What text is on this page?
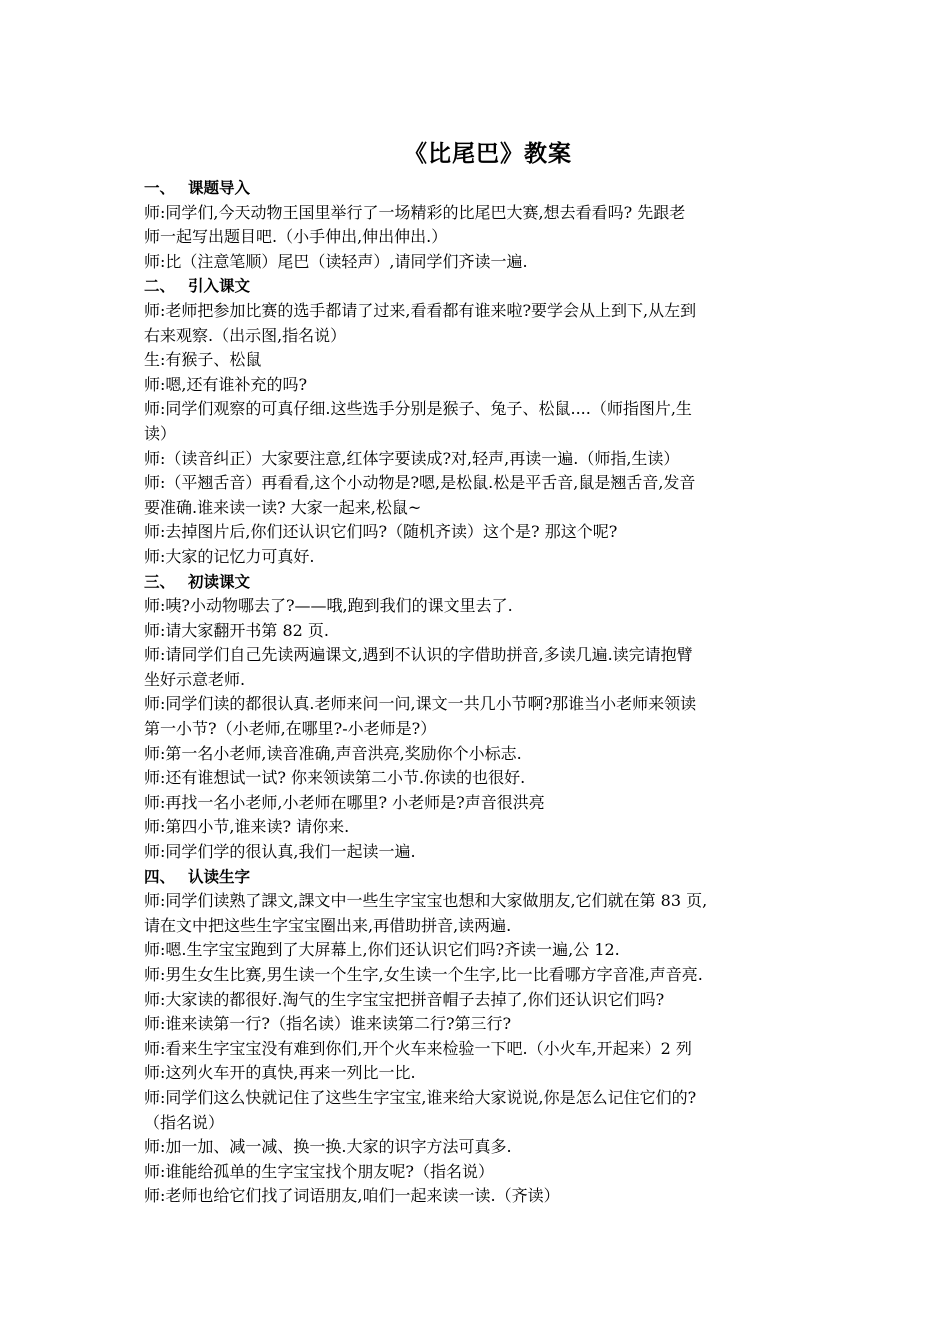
《比尾巴》教案
一、 课题导入
师:同学们,今天动物王国里举行了一场精彩的比尾巴大赛,想去看看吗? 先跟老
师一起写出题目吧.（小手伸出,伸出伸出.）
师:比（注意笔顺）尾巴（读轻声）,请同学们齐读一遍.
二、 引入课文
师:老师把参加比赛的选手都请了过来,看看都有谁来啦?要学会从上到下,从左到
右来观察.（出示图,指名说）
生:有猴子、松鼠
师:嗯,还有谁补充的吗?
师:同学们观察的可真仔细.这些选手分别是猴子、兔子、松鼠....（师指图片,生
读）
师:（读音纠正）大家要注意,红体字要读成?对,轻声,再读一遍.（师指,生读）
师:（平翘舌音）再看看,这个小动物是?嗯,是松鼠.松是平舌音,鼠是翘舌音,发音
要准确.谁来读一读? 大家一起来,松鼠~
师:去掉图片后,你们还认识它们吗?（随机齐读）这个是? 那这个呢?
师:大家的记忆力可真好.
三、 初读课文
师:咦?小动物哪去了?——哦,跑到我们的课文里去了.
师:请大家翻开书第 82 页.
师:请同学们自己先读两遍课文,遇到不认识的字借助拼音,多读几遍.读完请抱臂
坐好示意老师.
师:同学们读的都很认真.老师来问一问,课文一共几小节啊?那谁当小老师来领读
第一小节?（小老师,在哪里?-小老师是?）
师:第一名小老师,读音准确,声音洪亮,奖励你个小标志.
师:还有谁想试一试? 你来领读第二小节.你读的也很好.
师:再找一名小老师,小老师在哪里? 小老师是?声音很洪亮
师:第四小节,谁来读? 请你来.
师:同学们学的很认真,我们一起读一遍.
四、 认读生字
师:同学们读熟了課文,課文中一些生字宝宝也想和大家做朋友,它们就在第 83 页,
请在文中把这些生字宝宝圈出来,再借助拼音,读两遍.
师:嗯.生字宝宝跑到了大屏幕上,你们还认识它们吗?齐读一遍,公 12.
师:男生女生比赛,男生读一个生字,女生读一个生字,比一比看哪方字音准,声音亮.
师:大家读的都很好.淘气的生字宝宝把拼音帽子去掉了,你们还认识它们吗?
师:谁来读第一行?（指名读）谁来读第二行?第三行?
师:看来生字宝宝没有难到你们,开个火车来检验一下吧.（小火车,开起来）2 列
师:这列火车开的真快,再来一列比一比.
师:同学们这么快就记住了这些生字宝宝,谁来给大家说说,你是怎么记住它们的?
（指名说）
师:加一加、减一减、换一换.大家的识字方法可真多.
师:谁能给孤单的生字宝宝找个朋友呢?（指名说）
师:老师也给它们找了词语朋友,咱们一起来读一读.（齐读）
